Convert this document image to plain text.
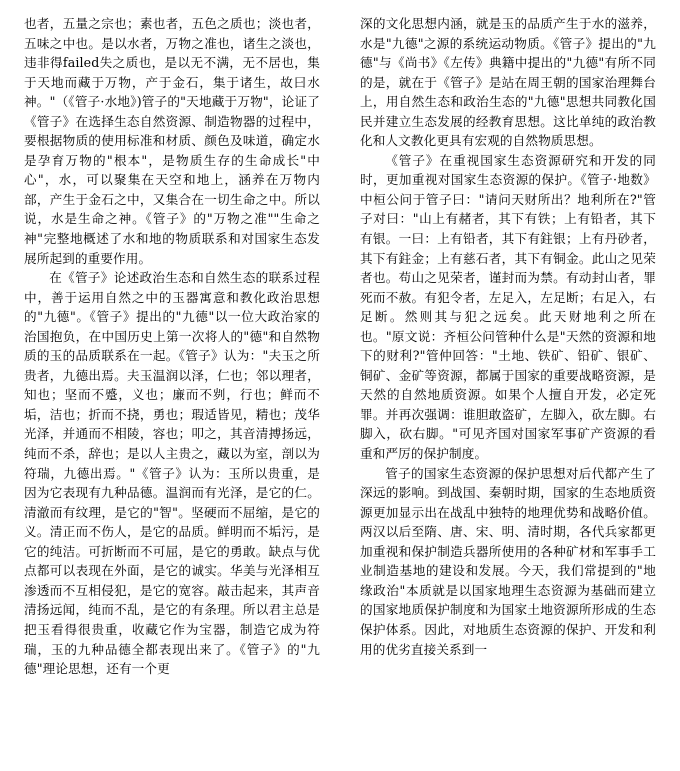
也者，五量之宗也；素也者，五色之质也；淡也者，五味之中也。是以水者，万物之准也，诸生之淡也，违非得failed失之质也，是以无不满，无不居也，集于天地而藏于万物，产于金石，集于诸生，故曰水神。"（《管子·水地》)管子的"天地藏于万物"，论证了《管子》在选择生态自然资源、制造物器的过程中，要根据物质的使用标准和材质、颜色及味道，确定水是孕育万物的"根本"，是物质生存的生命成长"中心"，水，可以聚集在天空和地上，涵养在万物内部，产生于金石之中，又集合在一切生命之中。所以说，水是生命之神。《管子》的"万物之准""生命之神"完整地概述了水和地的物质联系和对国家生态发展所起到的重要作用。

在《管子》论述政治生态和自然生态的联系过程中，善于运用自然之中的玉器寓意和教化政治思想的"九德"。《管子》提出的"九德"以一位大政治家的治国抱负，在中国历史上第一次将人的"德"和自然物质的玉的品质联系在一起。《管子》认为："夫玉之所贵者，九德出焉。夫玉温润以泽，仁也；邻以理者，知也；坚而不蹙，义也；廉而不刿，行也；鲜而不垢，洁也；折而不挠，勇也；瑕适皆见，精也；茂华光泽，并通而不相陵，容也；叩之，其音清搏扬远，纯而不杀，辞也；是以人主贵之，藏以为室，剖以为符瑞，九德出焉。"《管子》认为：玉所以贵重，是因为它表现有九种品德。温润而有光泽，是它的仁。清澈而有纹理，是它的"智"。坚硬而不屈缩，是它的义。清正而不伤人，是它的品质。鲜明而不垢污，是它的纯洁。可折断而不可屈，是它的勇敢。缺点与优点都可以表现在外面，是它的诚实。华美与光泽相互渗透而不互相侵犯，是它的宽容。敲击起来，其声音清扬远闻，纯而不乱，是它的有条理。所以君主总是把玉看得很贵重，收藏它作为宝器，制造它成为符瑞，玉的九种品德全都表现出来了。《管子》的"九德"理论思想，还有一个更

深的文化思想内涵，就是玉的品质产生于水的滋养，水是"九德"之源的系统运动物质。《管子》提出的"九德"与《尚书》《左传》典籍中提出的"九德"有所不同的是，就在于《管子》是站在周王朝的国家治理舞台上，用自然生态和政治生态的"九德"思想共同教化国民并建立生态发展的经教育思想。这比单纯的政治教化和人文教化更具有宏观的自然物质思想。

《管子》在重视国家生态资源研究和开发的同时，更加重视对国家生态资源的保护。《管子·地数》中桓公问于管子曰："请问天财所出？地利所在?"管子对曰："山上有赭者，其下有铁；上有铅者，其下有银。一曰：上有铅者，其下有鉒银；上有丹砂者，其下有鉒金；上有慈石者，其下有铜金。此山之见荣者也。苟山之见荣者，谨封而为禁。有动封山者，罪死而不赦。有犯令者，左足入，左足断；右足入，右足断。然则其与犯之远矣。此天财地利之所在也。"原文说：齐桓公问管种什么是"天然的资源和地下的财利?"管仲回答："土地、铁矿、铅矿、银矿、铜矿、金矿等资源，都属于国家的重要战略资源，是天然的自然地质资源。如果个人擅自开发，必定死罪。并再次强调：谁胆敢盗矿，左脚入，砍左脚。右脚入，砍右脚。"可见齐国对国家军事矿产资源的看重和严厉的保护制度。

管子的国家生态资源的保护思想对后代都产生了深远的影响。到战国、秦朝时期，国家的生态地质资源更加显示出在战乱中独特的地理优势和战略价值。两汉以后至隋、唐、宋、明、清时期，各代兵家都更加重视和保护制造兵器所使用的各种矿材和军事手工业制造基地的建设和发展。今天，我们常提到的"地缘政治"本质就是以国家地理生态资源为基础而建立的国家地质保护制度和为国家土地资源所形成的生态保护体系。因此，对地质生态资源的保护、开发和利用的优劣直接关系到一
